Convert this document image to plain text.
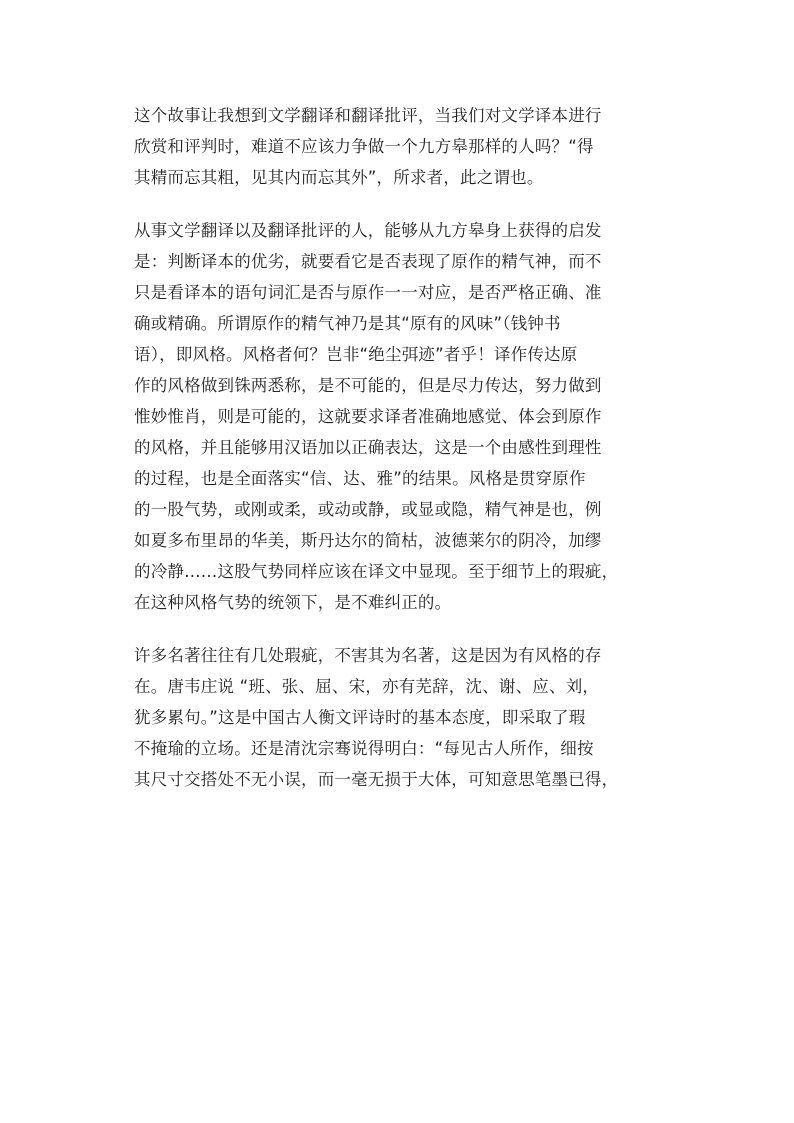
这个故事让我想到文学翻译和翻译批评，当我们对文学译本进行
欣赏和评判时，难道不应该力争做一个九方皋那样的人吗？“得
其精而忘其粗，见其内而忘其外”，所求者，此之谓也。
从事文学翻译以及翻译批评的人，能够从九方皋身上获得的启发
是：判断译本的优劣，就要看它是否表现了原作的精气神，而不
只是看译本的语句词汇是否与原作一一对应，是否严格正确、准
确或精确。所谓原作的精气神乃是其“原有的风味”（钱钟书
语），即风格。风格者何？岂非“绝尘弭迹”者乎！译作传达原
作的风格做到铢两悉称，是不可能的，但是尽力传达，努力做到
惟妙惟肖，则是可能的，这就要求译者准确地感觉、体会到原作
的风格，并且能够用汉语加以正确表达，这是一个由感性到理性
的过程，也是全面落实“信、达、雅”的结果。风格是贯穿原作
的一股气势，或刚或柔，或动或静，或显或隐，精气神是也，例
如夏多布里昂的华美，斯丹达尔的简枯，波德莱尔的阴冷，加缪
的冷静……这股气势同样应该在译文中显现。至于细节上的瑕疵，
在这种风格气势的统领下，是不难纠正的。
许多名著往往有几处瑕疵，不害其为名著，这是因为有风格的存
在。唐韦庄说 “班、张、屈、宋，亦有芜辞，沈、谢、应、刘，
犹多累句。”这是中国古人衡文评诗时的基本态度，即采取了瑕
不掩瑜的立场。还是清沈宗骞说得明白：“每见古人所作，细按
其尺寸交搭处不无小误，而一毫无损于大体，可知意思笔墨已得，
